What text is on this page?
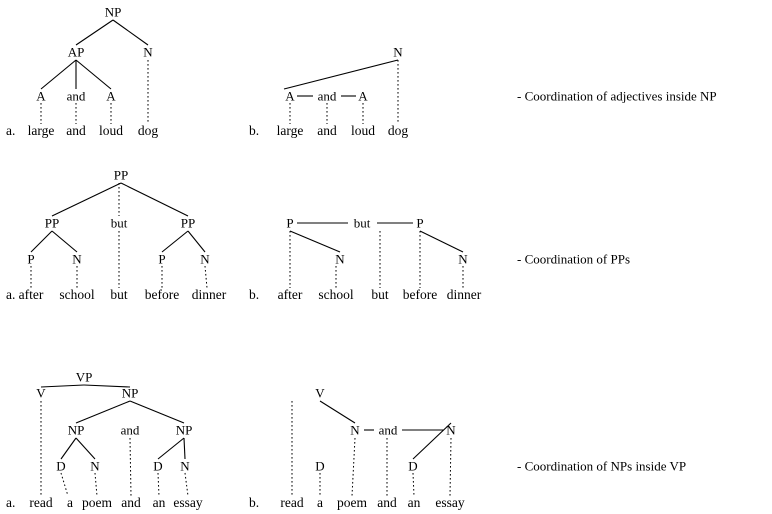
NP
AP	N
A and A
large and loud dog
a.
N
A and A
large and loud dog
b.
- Coordination of adjectives inside NP
PP
PP	but	PP
P	N	P	N
after school but before dinner
a.
P	but	P
N	N
after school but before dinner
b.
- Coordination of PPs
VP
V	NP
NP	and	NP
D N	D N
read a poem and an essay
a.
V
N and	N
D	D
read a poem and an essay
b.
- Coordination of NPs inside VP
